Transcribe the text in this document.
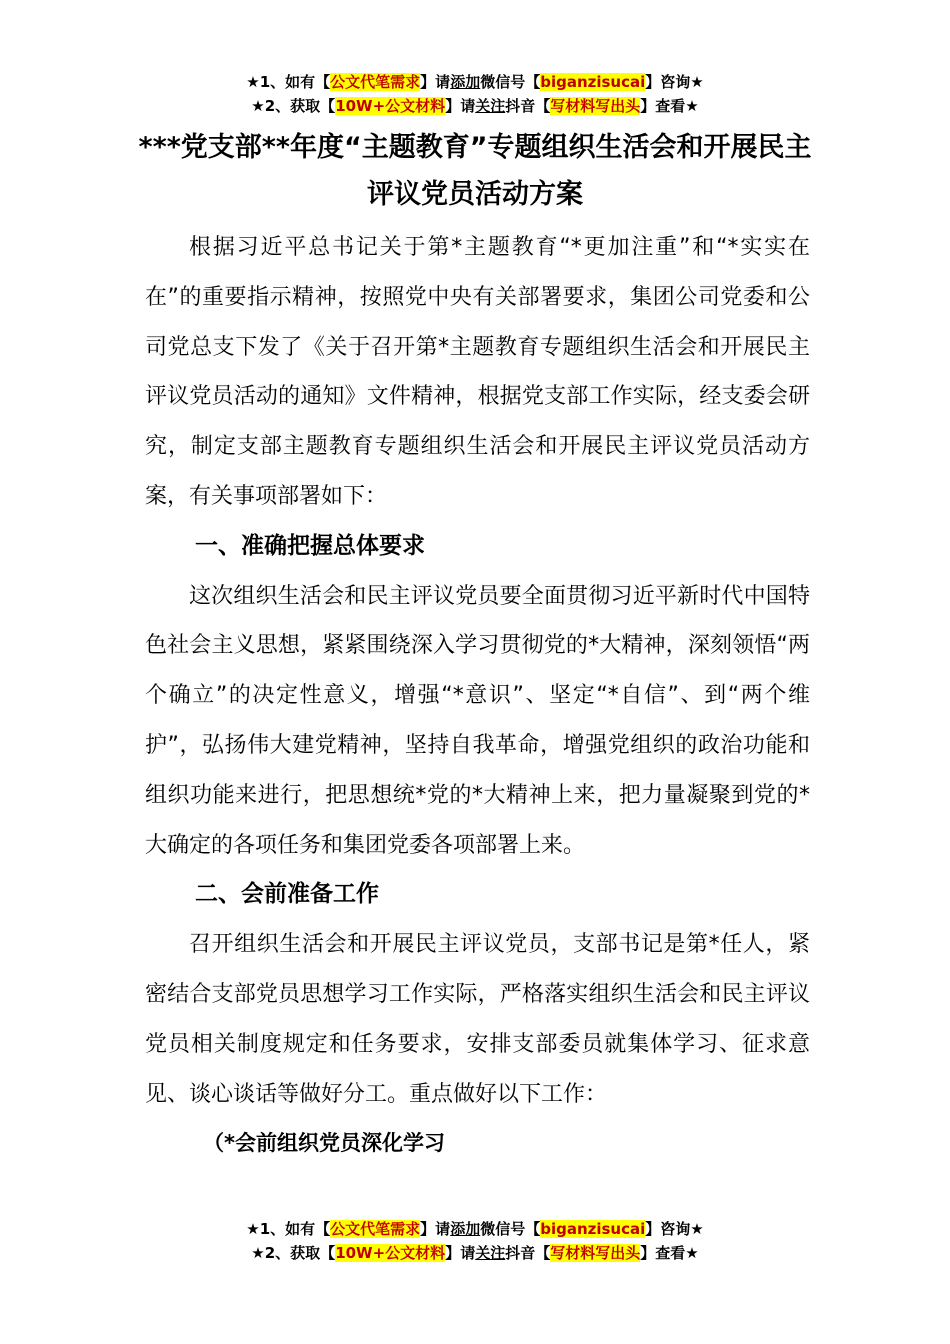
★1、如有【公文代笔需求】请添加微信号【biganzisucai】咨询★
★2、获取【10W+公文材料】请关注抖音【写材料写出头】查看★
***党支部**年度“主题教育”专题组织生活会和开展民主评议党员活动方案

根据习近平总书记关于第*主题教育“*更加注重”和“*实实在在”的重要指示精神，按照党中央有关部署要求，集团公司党委和公司党总支下发了《关于召开第*主题教育专题组织生活会和开展民主评议党员活动的通知》文件精神，根据党支部工作实际，经支委会研究，制定支部主题教育专题组织生活会和开展民主评议党员活动方案，有关事项部署如下：

一、准确把握总体要求

这次组织生活会和民主评议党员要全面贯彻习近平新时代中国特色社会主义思想，紧紧围绕深入学习贯彻党的*大精神，深刻领悟“两个确立”的决定性意义，增强“*意识”、坚定“*自信”、到“两个维护”，弘扬伟大建党精神，坚持自我革命，增强党组织的政治功能和组织功能来进行，把思想统*党的*大精神上来，把力量凝聚到党的*大确定的各项任务和集团党委各项部署上来。

二、会前准备工作

召开组织生活会和开展民主评议党员，支部书记是第*任人，紧密结合支部党员思想学习工作实际，严格落实组织生活会和民主评议党员相关制度规定和任务要求，安排支部委员就集体学习、征求意见、谈心谈话等做好分工。重点做好以下工作：

（*会前组织党员深化学习

★1、如有【公文代笔需求】请添加微信号【biganzisucai】咨询★
★2、获取【10W+公文材料】请关注抖音【写材料写出头】查看★
